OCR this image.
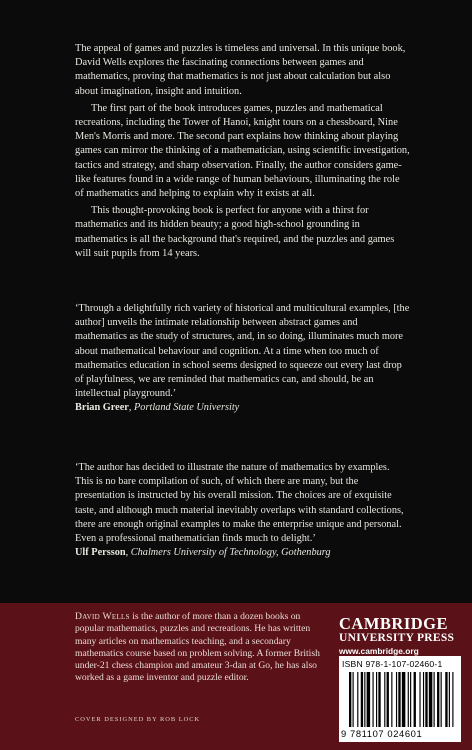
The appeal of games and puzzles is timeless and universal. In this unique book, David Wells explores the fascinating connections between games and mathematics, proving that mathematics is not just about calculation but also about imagination, insight and intuition.

The first part of the book introduces games, puzzles and mathematical recreations, including the Tower of Hanoi, knight tours on a chessboard, Nine Men's Morris and more. The second part explains how thinking about playing games can mirror the thinking of a mathematician, using scientific investigation, tactics and strategy, and sharp observation. Finally, the author considers game-like features found in a wide range of human behaviours, illuminating the role of mathematics and helping to explain why it exists at all.

This thought-provoking book is perfect for anyone with a thirst for mathematics and its hidden beauty; a good high-school grounding in mathematics is all the background that's required, and the puzzles and games will suit pupils from 14 years.

‘Through a delightfully rich variety of historical and multicultural examples, [the author] unveils the intimate relationship between abstract games and mathematics as the study of structures, and, in so doing, illuminates much more about mathematical behaviour and cognition. At a time when too much of mathematics education in school seems designed to squeeze out every last drop of playfulness, we are reminded that mathematics can, and should, be an intellectual playground.’

Brian Greer, Portland State University

‘The author has decided to illustrate the nature of mathematics by examples. This is no bare compilation of such, of which there are many, but the presentation is instructed by his overall mission. The choices are of exquisite taste, and although much material inevitably overlaps with standard collections, there are enough original examples to make the enterprise unique and personal. Even a professional mathematician finds much to delight.’

Ulf Persson, Chalmers University of Technology, Gothenburg
David Wells is the author of more than a dozen books on popular mathematics, puzzles and recreations. He has written many articles on mathematics teaching, and a secondary mathematics course based on problem solving. A former British under-21 chess champion and amateur 3-dan at Go, he has also worked as a game inventor and puzzle editor.
COVER DESIGNED BY ROB LOCK
CAMBRIDGE
UNIVERSITY PRESS
www.cambridge.org
ISBN 978-1-107-02460-1
9 781107 024601
